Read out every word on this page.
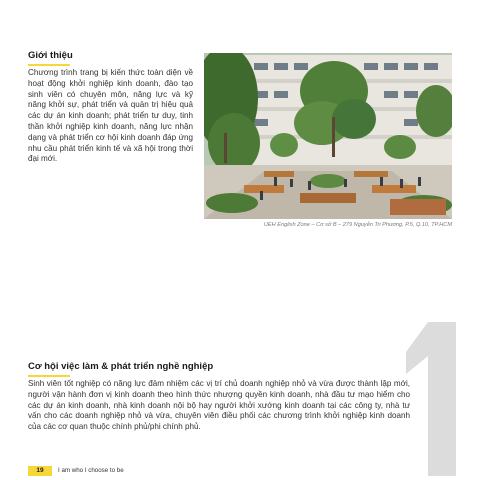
Giới thiệu

Chương trình trang bị kiến thức toàn diện về hoạt động khởi nghiệp kinh doanh, đào tạo sinh viên có chuyên môn, năng lực và kỹ năng khởi sự, phát triển và quản trị hiệu quả các dự án kinh doanh; phát triển tư duy, tinh thần khởi nghiệp kinh doanh, năng lực nhận dạng và phát triển cơ hội kinh doanh đáp ứng nhu cầu phát triển kinh tế và xã hội trong thời đại mới.

UEH English Zone – Cơ sở B – 279 Nguyễn Tri Phương, P.5, Q.10, TP.HCM

Cơ hội việc làm & phát triển nghề nghiệp

Sinh viên tốt nghiệp có năng lực đảm nhiệm các vị trí chủ doanh nghiệp nhỏ và vừa được thành lập mới, người vận hành đơn vị kinh doanh theo hình thức nhượng quyền kinh doanh, nhà đầu tư mạo hiểm cho các dự án kinh doanh, nhà kinh doanh nội bộ hay người khởi xướng kinh doanh tại các công ty, nhà tư vấn cho các doanh nghiệp nhỏ và vừa, chuyên viên điều phối các chương trình khởi nghiệp kinh doanh của các cơ quan thuộc chính phủ/phi chính phủ.

19	I am who I choose to be
